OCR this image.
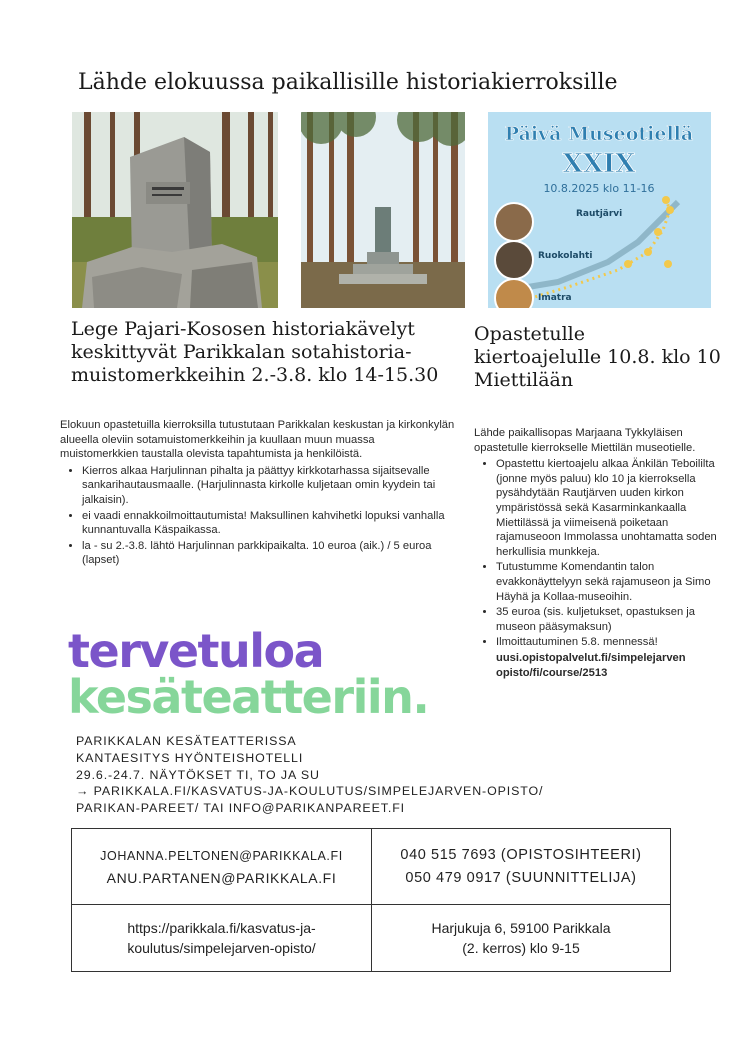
Lähde elokuussa paikallisille historiakierroksille
Päivä Museotiellä
XXIX
10.8.2025 klo 11-16
Rautjärvi
Ruokolahti
Imatra
Lege Pajari-Kososen historiakävelyt
keskittyvät Parikkalan sotahistoria-
muistomerkkeihin 2.-3.8. klo 14-15.30
Opastetulle
kiertoajelulle 10.8. klo 10
Miettilään

Elokuun opastetuilla kierroksilla tutustutaan Parikkalan keskustan ja kirkonkylän alueella oleviin sotamuistomerkkeihin ja kuullaan muun muassa muistomerkkien taustalla olevista tapahtumista ja henkilöistä.

• Kierros alkaa Harjulinnan pihalta ja päättyy kirkkotarhassa sijaitsevalle sankarihautausmaalle. (Harjulinnasta kirkolle kuljetaan omin kyydein tai jalkaisin).
• ei vaadi ennakkoilmoittautumista! Maksullinen kahvihetki lopuksi vanhalla kunnantuvalla Käspaikassa.
• la - su 2.-3.8. lähtö Harjulinnan parkkipaikalta. 10 euroa (aik.) / 5 euroa (lapset)

Lähde paikallisopas Marjaana Tykkyläisen opastetulle kierrokselle Miettilän museotielle.

• Opastettu kiertoajelu alkaa Änkilän Teboililta (jonne myös paluu) klo 10 ja kierroksella pysähdytään Rautjärven uuden kirkon ympäristössä sekä Kasarminkankaalla Miettilässä ja viimeisenä poiketaan rajamuseoon Immolassa unohtamatta soden herkullisia munkkeja.
• Tutustumme Komendantin talon evakkonäyttelyyn sekä rajamuseon ja Simo Häyhä ja Kollaa-museoihin.
• 35 euroa (sis. kuljetukset, opastuksen ja museon pääsymaksun)
• Ilmoittautuminen 5.8. mennessä!
uusi.opistopalvelut.fi/simpelejarven
opisto/fi/course/2513
tervetuloa
kesäteatteriin.
PARIKKALAN KESÄTEATTERISSA
KANTAESITYS HYÖNTEISHOTELLI
29.6.-24.7. NÄYTÖKSET TI, TO JA SU
→ PARIKKALA.FI/KASVATUS-JA-KOULUTUS/SIMPELEJARVEN-OPISTO/
PARIKAN-PAREET/ TAI INFO@PARIKANPAREET.FI
JOHANNA.PELTONEN@PARIKKALA.FI
ANU.PARTANEN@PARIKKALA.FI
040 515 7693 (OPISTOSIHTEERI)
050 479 0917 (SUUNNITTELIJA)
https://parikkala.fi/kasvatus-ja-
koulutus/simpelejarven-opisto/
Harjukuja 6, 59100 Parikkala
(2. kerros) klo 9-15
